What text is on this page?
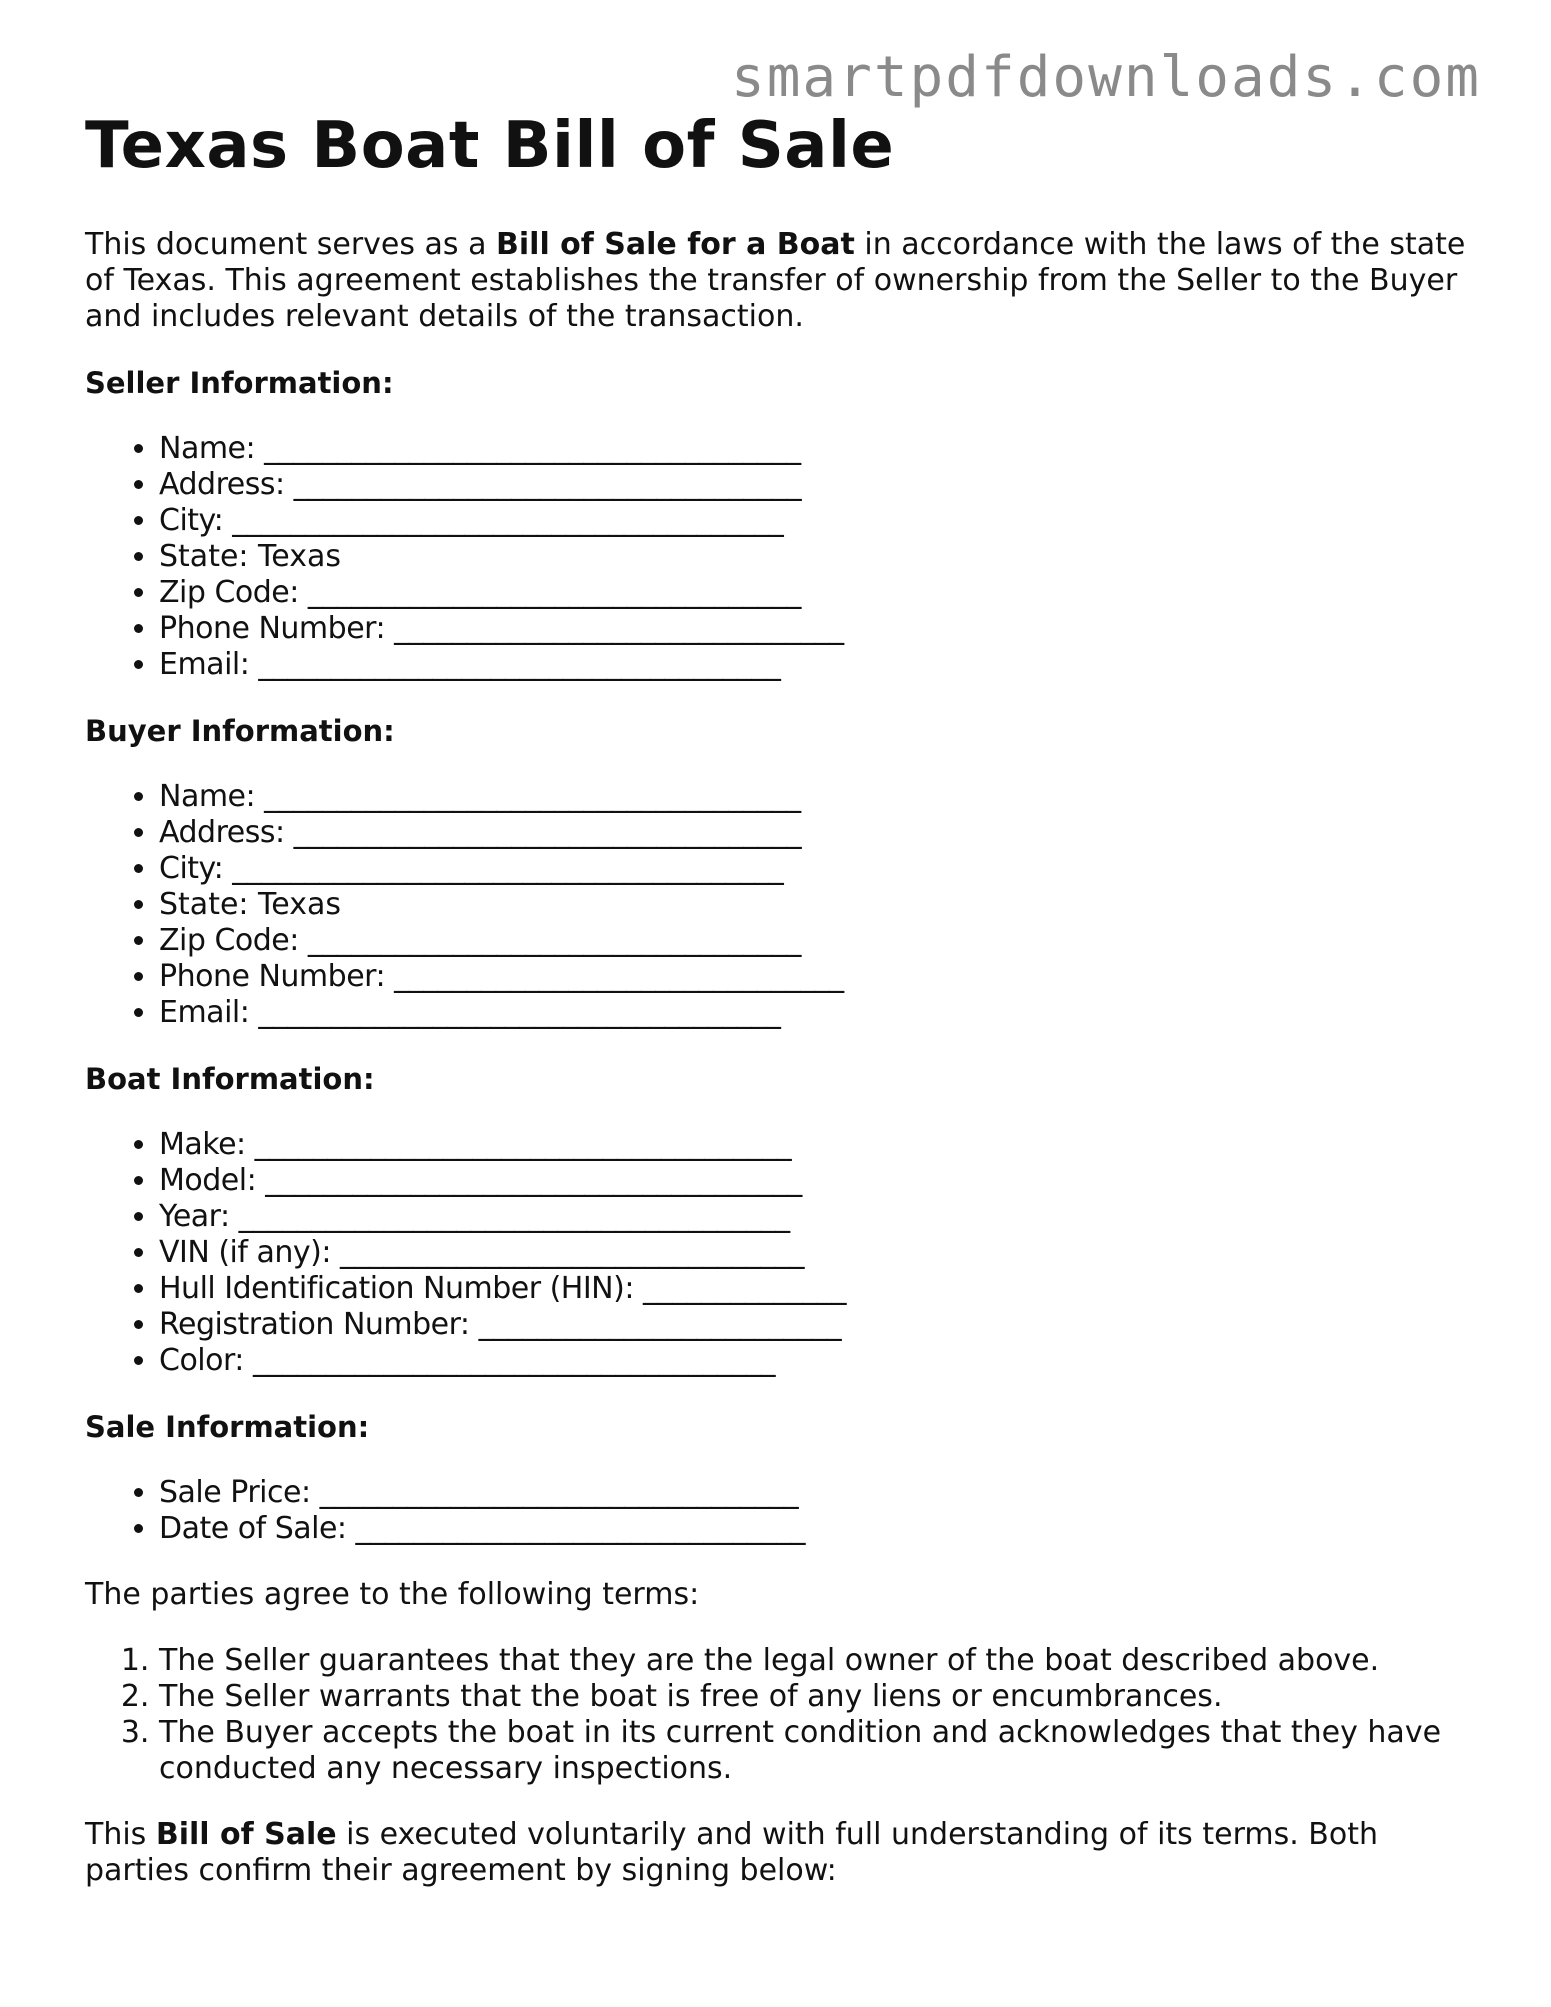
smartpdfdownloads.com
Texas Boat Bill of Sale

This document serves as a Bill of Sale for a Boat in accordance with the laws of the state of Texas. This agreement establishes the transfer of ownership from the Seller to the Buyer and includes relevant details of the transaction.

Seller Information:
• Name: _____________________________________
• Address: ___________________________________
• City: ______________________________________
• State: Texas
• Zip Code: __________________________________
• Phone Number: _______________________________
• Email: ____________________________________
Buyer Information:
• Name: _____________________________________
• Address: ___________________________________
• City: ______________________________________
• State: Texas
• Zip Code: __________________________________
• Phone Number: _______________________________
• Email: ____________________________________
Boat Information:
• Make: _____________________________________
• Model: _____________________________________
• Year: ______________________________________
• VIN (if any): ________________________________
• Hull Identification Number (HIN): ______________
• Registration Number: _________________________
• Color: ____________________________________
Sale Information:
• Sale Price: _________________________________
• Date of Sale: _______________________________

The parties agree to the following terms:

1. The Seller guarantees that they are the legal owner of the boat described above.
2. The Seller warrants that the boat is free of any liens or encumbrances.
3. The Buyer accepts the boat in its current condition and acknowledges that they have conducted any necessary inspections.

This Bill of Sale is executed voluntarily and with full understanding of its terms. Both parties confirm their agreement by signing below:
